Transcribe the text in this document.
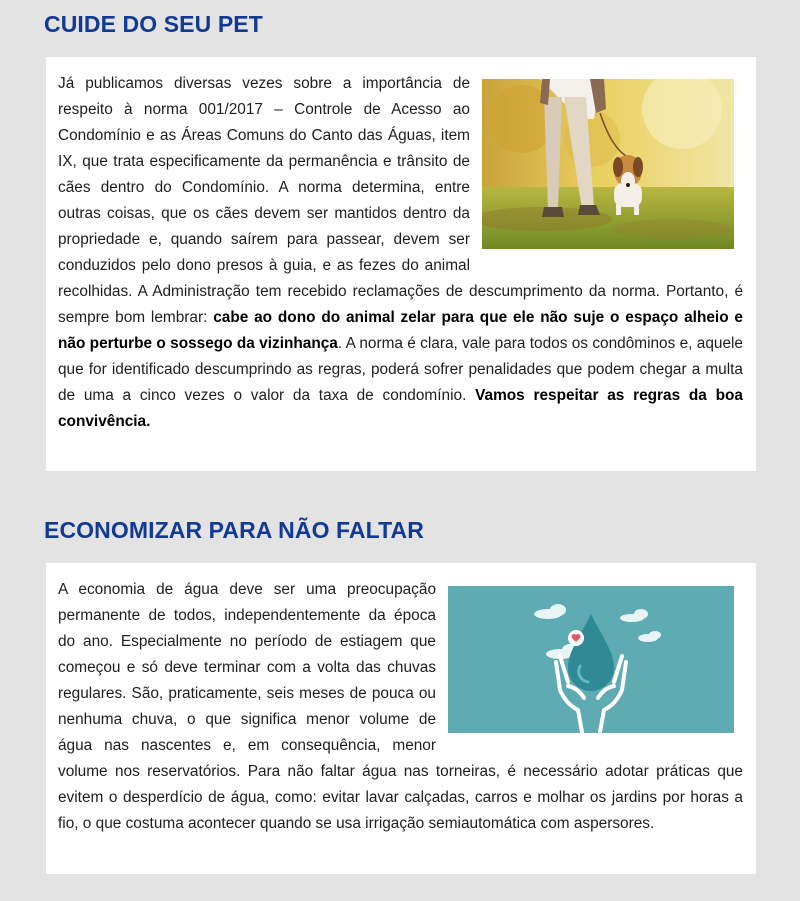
CUIDE DO SEU PET

Já publicamos diversas vezes sobre a importância de respeito à norma 001/2017 – Controle de Acesso ao Condomínio e as Áreas Comuns do Canto das Águas, item IX, que trata especificamente da permanência e trânsito de cães dentro do Condomínio. A norma determina, entre outras coisas, que os cães devem ser mantidos dentro da propriedade e, quando saírem para passear, devem ser conduzidos pelo dono presos à guia, e as fezes do animal recolhidas. A Administração tem recebido reclamações de descumprimento da norma. Portanto, é sempre bom lembrar: cabe ao dono do animal zelar para que ele não suje o espaço alheio e não perturbe o sossego da vizinhança. A norma é clara, vale para todos os condôminos e, aquele que for identificado descumprindo as regras, poderá sofrer penalidades que podem chegar a multa de uma a cinco vezes o valor da taxa de condomínio. Vamos respeitar as regras da boa convivência.

ECONOMIZAR PARA NÃO FALTAR

A economia de água deve ser uma preocupação permanente de todos, independentemente da época do ano. Especialmente no período de estiagem que começou e só deve terminar com a volta das chuvas regulares. São, praticamente, seis meses de pouca ou nenhuma chuva, o que significa menor volume de água nas nascentes e, em consequência, menor volume nos reservatórios. Para não faltar água nas torneiras, é necessário adotar práticas que evitem o desperdício de água, como: evitar lavar calçadas, carros e molhar os jardins por horas a fio, o que costuma acontecer quando se usa irrigação semiautomática com aspersores.
